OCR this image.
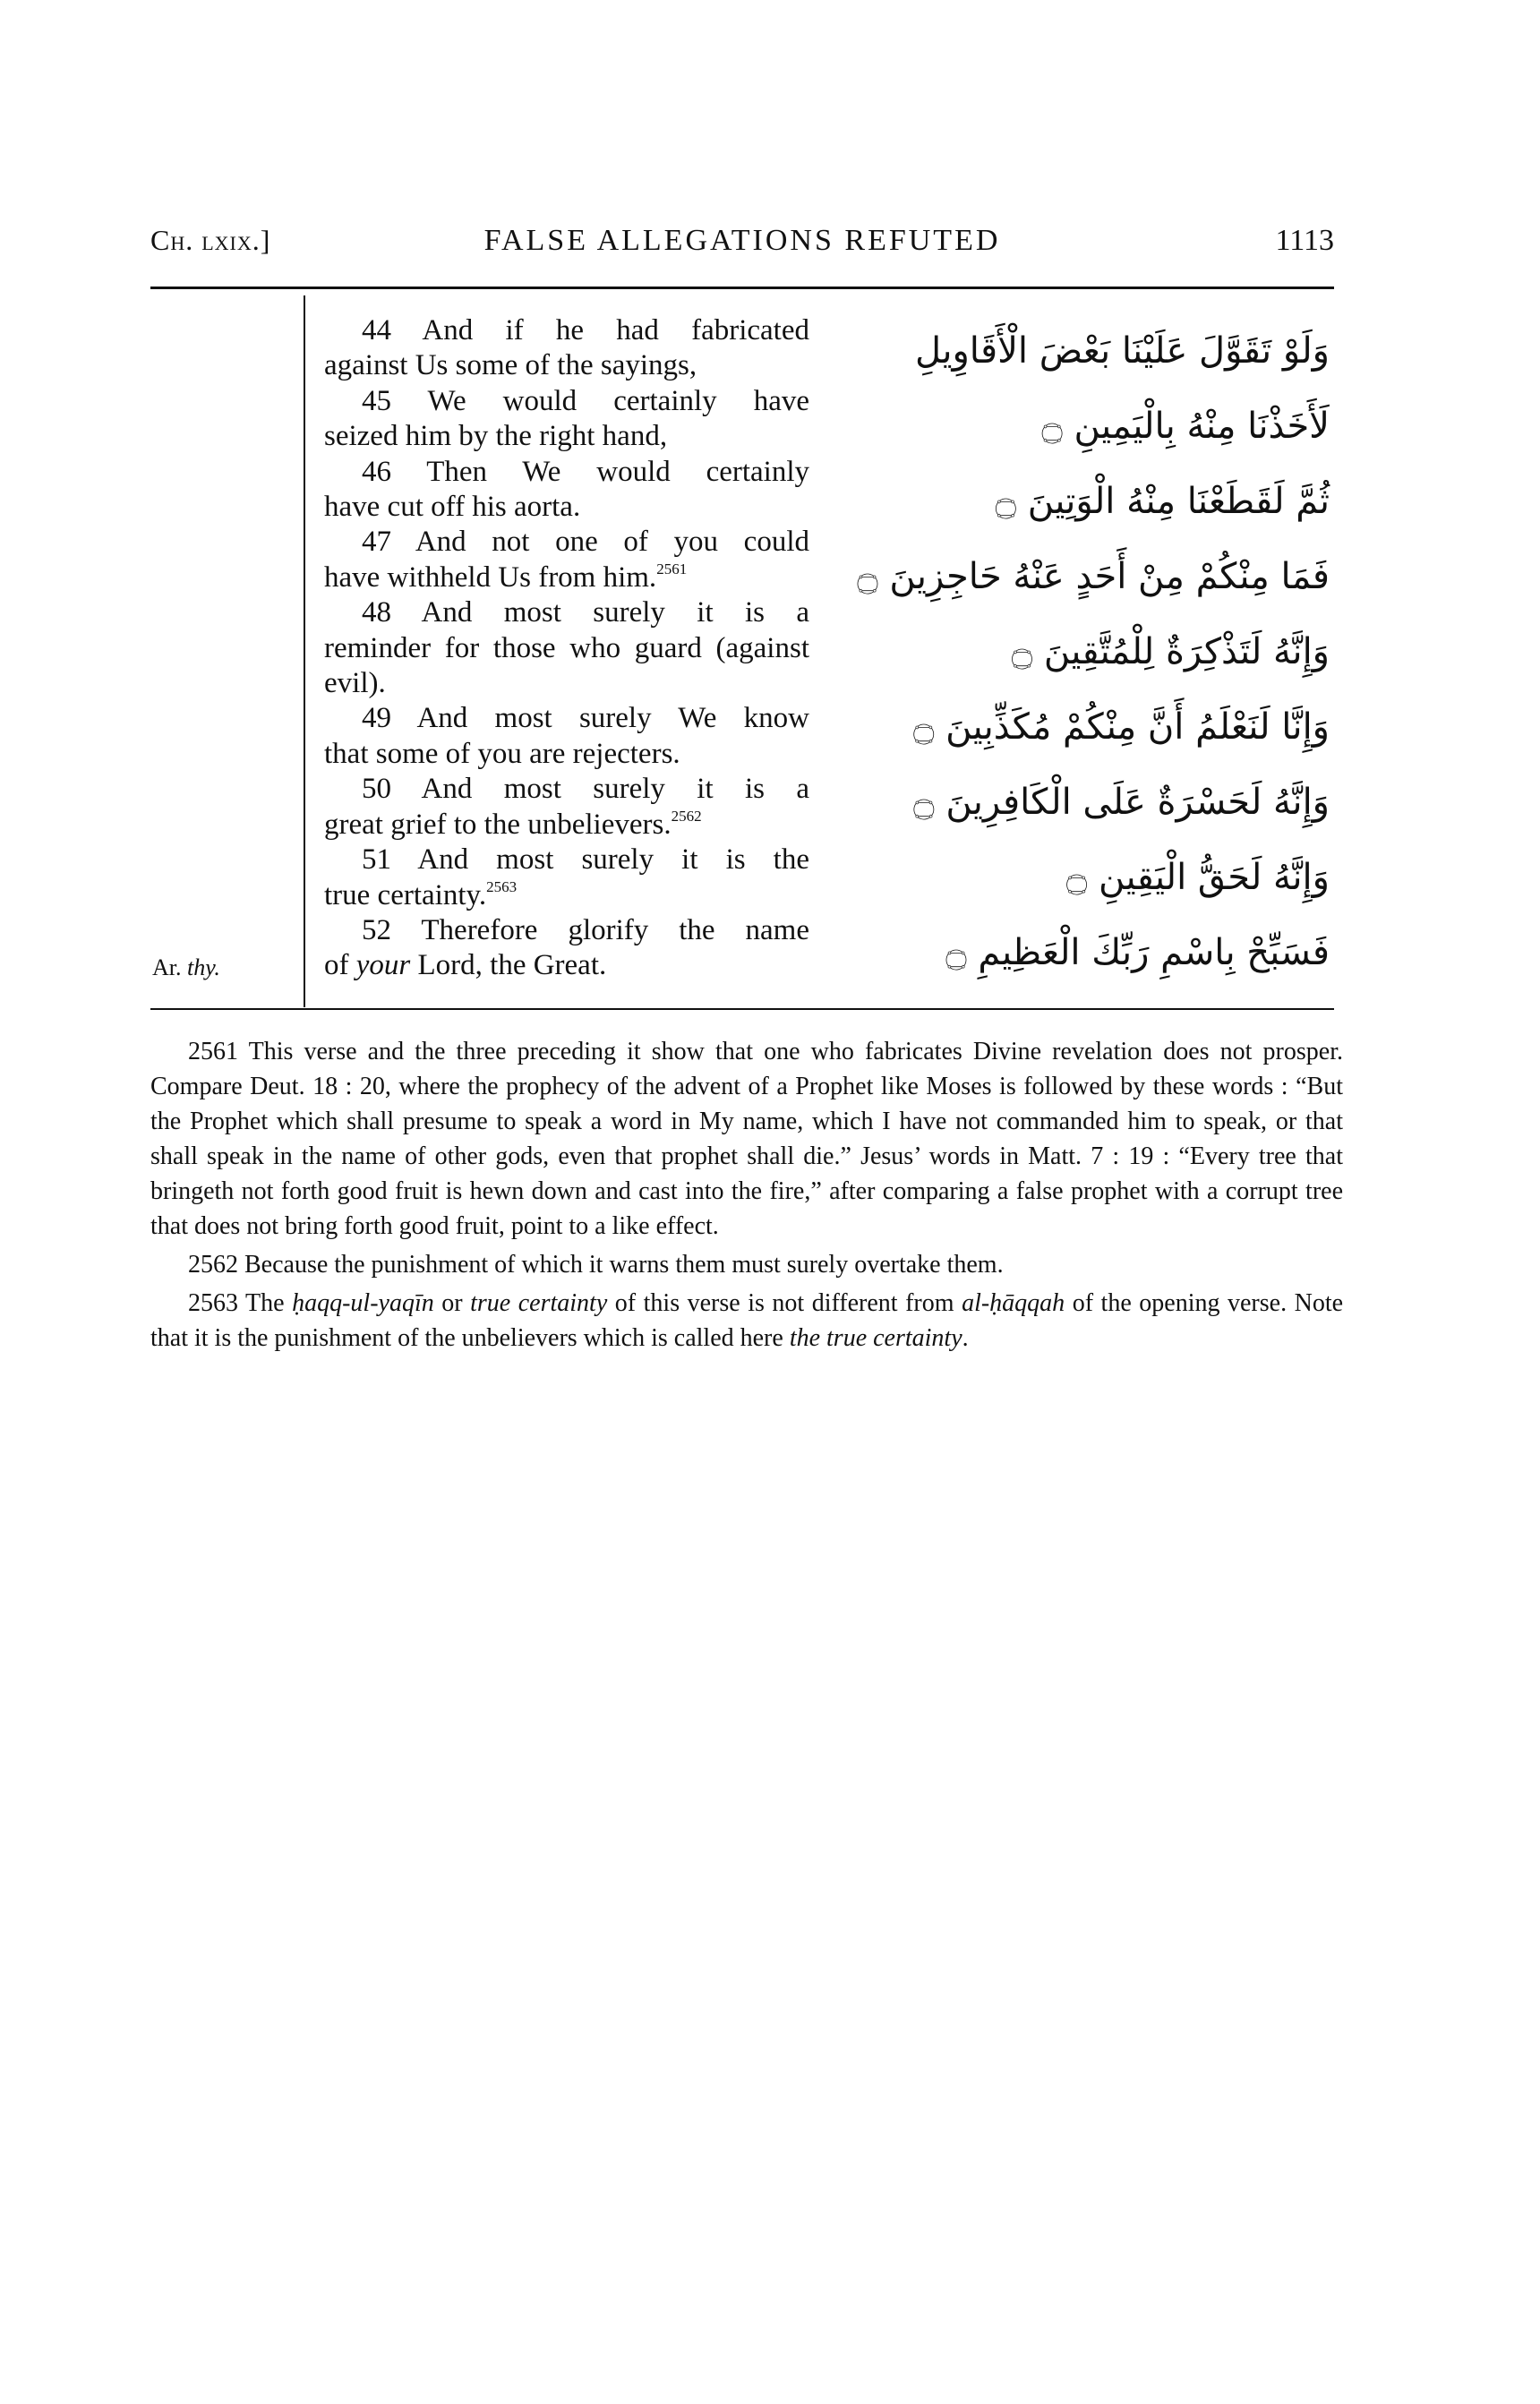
Ch. lxix.]	FALSE ALLEGATIONS REFUTED	1113
Ar. thy.
44 And if he had fabricated
against Us some of the sayings,
45 We would certainly have
seized him by the right hand,
46 Then We would certainly
have cut off his aorta.
47 And not one of you could
have withheld Us from him.$^{2561}$
48 And most surely it is a
reminder for those who guard (against evil).
49 And most surely We know
that some of you are rejecters.
50 And most surely it is a
great grief to the unbelievers.$^{2562}$
51 And most surely it is the
true certainty.$^{2563}$
52 Therefore glorify the name
of your Lord, the Great.
وَلَوْ تَقَوَّلَ عَلَيْنَا بَعْضَ الْأَقَاوِيلِ
لَأَخَذْنَا مِنْهُ بِالْيَمِينِ ۝
ثُمَّ لَقَطَعْنَا مِنْهُ الْوَتِينَ ۝
فَمَا مِنْكُمْ مِنْ أَحَدٍ عَنْهُ حَاجِزِينَ ۝
وَإِنَّهُ لَتَذْكِرَةٌ لِلْمُتَّقِينَ ۝
وَإِنَّا لَنَعْلَمُ أَنَّ مِنْكُمْ مُكَذِّبِينَ ۝
وَإِنَّهُ لَحَسْرَةٌ عَلَى الْكَافِرِينَ ۝
وَإِنَّهُ لَحَقُّ الْيَقِينِ ۝
فَسَبِّحْ بِاسْمِ رَبِّكَ الْعَظِيمِ ۝

2561 This verse and the three preceding it show that one who fabricates Divine revelation does not prosper. Compare Deut. 18 : 20, where the prophecy of the advent of a Prophet like Moses is followed by these words : “But the Prophet which shall presume to speak a word in My name, which I have not commanded him to speak, or that shall speak in the name of other gods, even that prophet shall die.” Jesus’ words in Matt. 7 : 19 : “Every tree that bringeth not forth good fruit is hewn down and cast into the fire,” after comparing a false prophet with a corrupt tree that does not bring forth good fruit, point to a like effect.

2562 Because the punishment of which it warns them must surely overtake them.

2563 The ḥaqq-ul-yaqīn or true certainty of this verse is not different from al-ḥāqqah of the opening verse. Note that it is the punishment of the unbelievers which is called here the true certainty.
